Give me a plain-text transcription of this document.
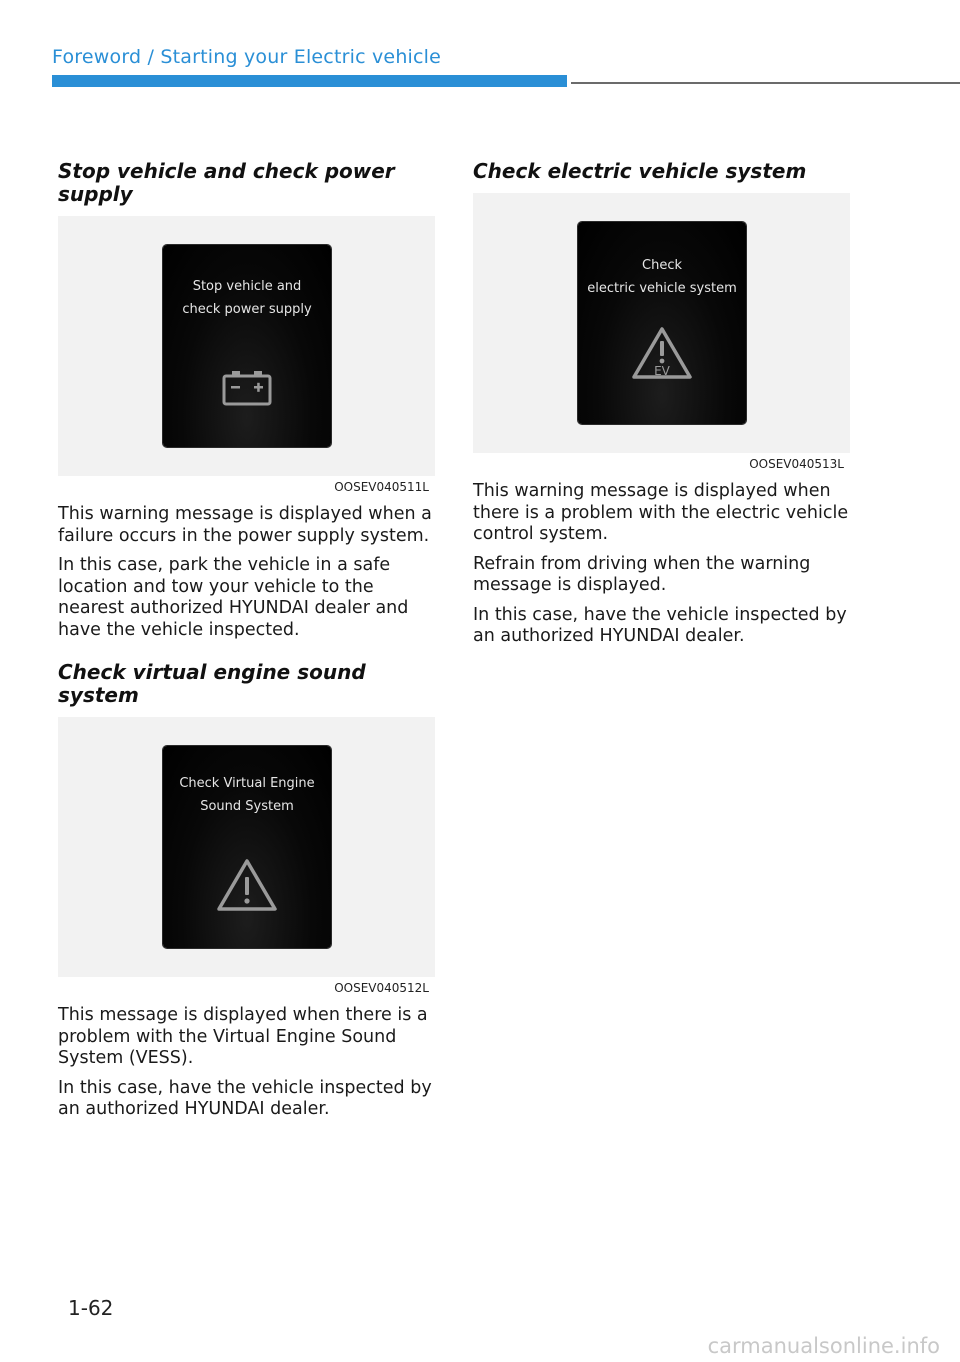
Foreword / Starting your Electric vehicle
Stop vehicle and check power supply
Stop vehicle and
check power supply
OOSEV040511L

This warning message is displayed when a failure occurs in the power supply system.

In this case, park the vehicle in a safe location and tow your vehicle to the nearest authorized HYUNDAI dealer and have the vehicle inspected.

Check virtual engine sound system
Check Virtual Engine
Sound System
OOSEV040512L

This message is displayed when there is a problem with the Virtual Engine Sound System (VESS).

In this case, have the vehicle inspected by an authorized HYUNDAI dealer.

Check electric vehicle system
Check
electric vehicle system
EV
OOSEV040513L

This warning message is displayed when there is a problem with the electric vehicle control system.

Refrain from driving when the warning message is displayed.

In this case, have the vehicle inspected by an authorized HYUNDAI dealer.

1-62
carmanualsonline.info
